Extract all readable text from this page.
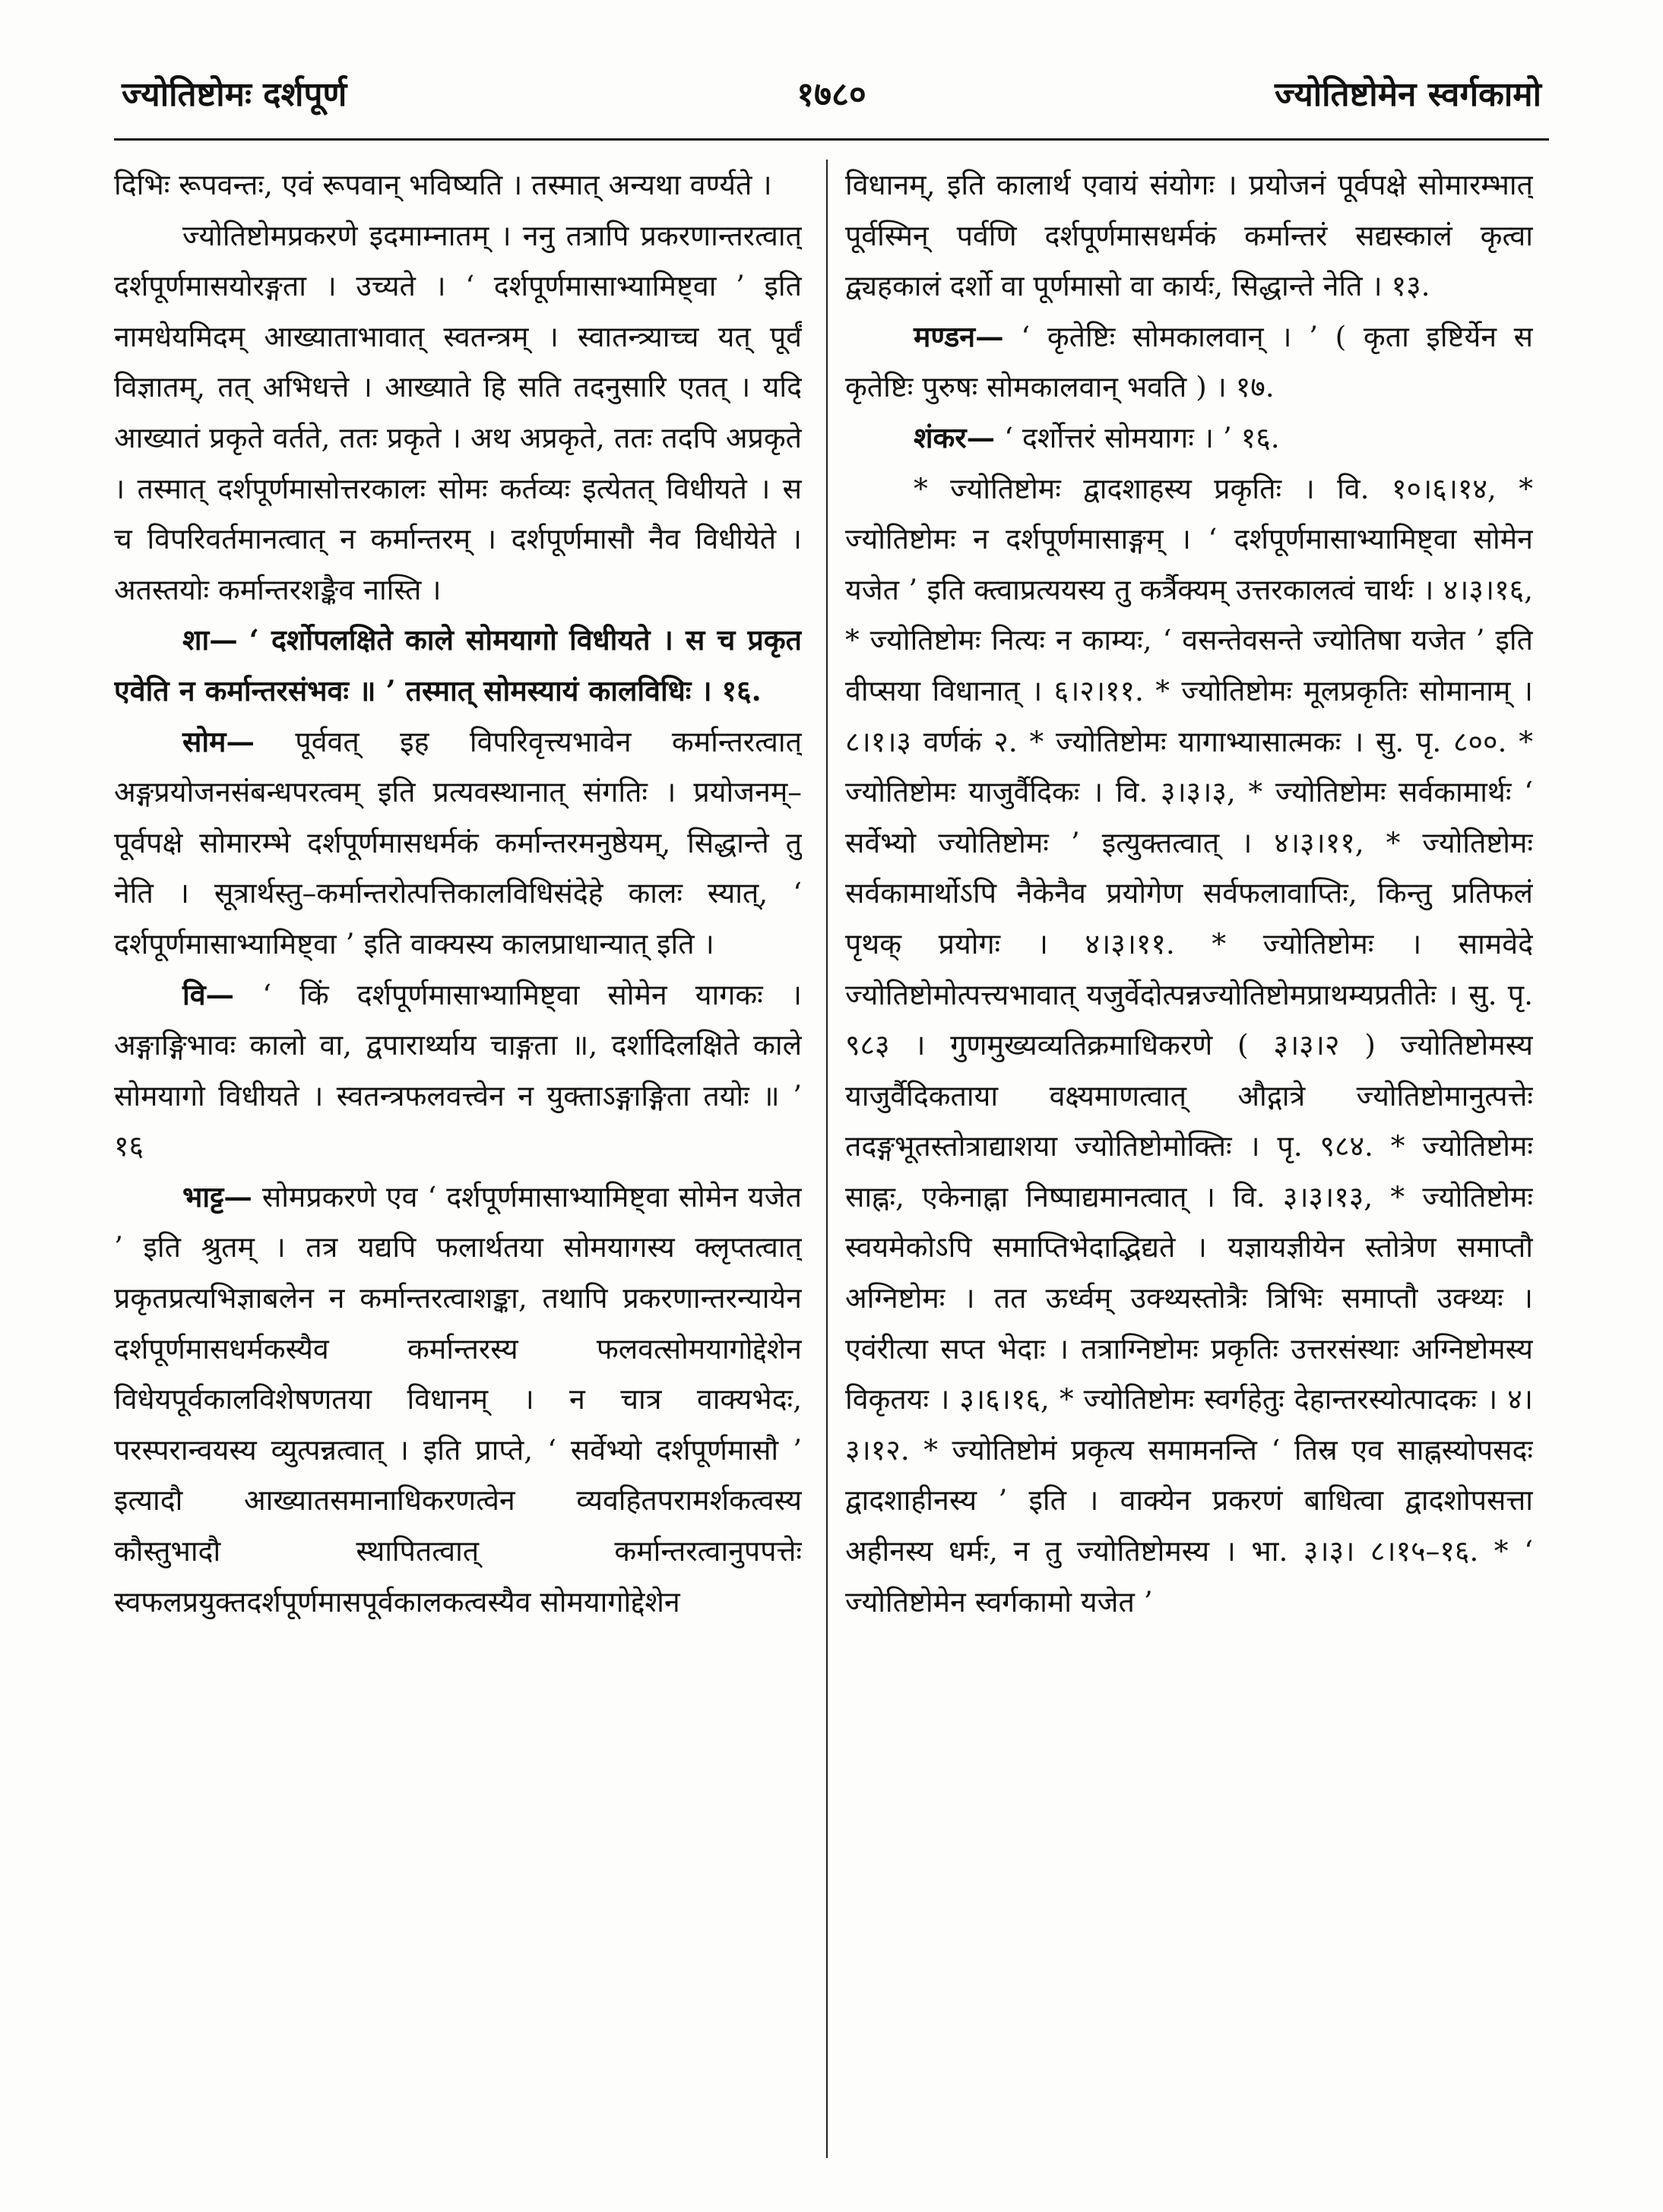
ज्योतिष्टोमः दर्शपूर्ण	१७८०	ज्योतिष्टोमेन स्वर्गकामो

दिभिः रूपवन्तः, एवं रूपवान् भविष्यति । तस्मात् अन्यथा वर्ण्यते ।

ज्योतिष्टोमप्रकरणे इदमाम्नातम् । ननु तत्रापि प्रकरणान्तरत्वात् दर्शपूर्णमासयोरङ्गता । उच्यते । ‘ दर्शपूर्णमासाभ्यामिष्ट्वा ’ इति नामधेयमिदम् आख्याताभावात् स्वतन्त्रम् । स्वातन्त्र्याच्च यत् पूर्वं विज्ञातम्, तत् अभिधत्ते । आख्याते हि सति तदनुसारि एतत् । यदि आख्यातं प्रकृते वर्तते, ततः प्रकृते । अथ अप्रकृते, ततः तदपि अप्रकृते । तस्मात् दर्शपूर्णमासोत्तरकालः सोमः कर्तव्यः इत्येतत् विधीयते । स च विपरिवर्तमानत्वात् न कर्मान्तरम् । दर्शपूर्णमासौ नैव विधीयेते । अतस्तयोः कर्मान्तरशङ्कैव नास्ति ।

शा— ‘ दर्शोपलक्षिते काले सोमयागो विधीयते । स च प्रकृत एवेति न कर्मान्तरसंभवः ॥ ’ तस्मात् सोमस्यायं कालविधिः । १६.

सोम— पूर्ववत् इह विपरिवृत्त्यभावेन कर्मान्तरत्वात् अङ्गप्रयोजनसंबन्धपरत्वम् इति प्रत्यवस्थानात् संगतिः । प्रयोजनम्– पूर्वपक्षे सोमारम्भे दर्शपूर्णमासधर्मकं कर्मान्तरमनुष्ठेयम्, सिद्धान्ते तु नेति । सूत्रार्थस्तु–कर्मान्तरोत्पत्तिकालविधिसंदेहे कालः स्यात्, ‘ दर्शपूर्णमासाभ्यामिष्ट्वा ’ इति वाक्यस्य कालप्राधान्यात् इति ।

वि— ‘ किं दर्शपूर्णमासाभ्यामिष्ट्वा सोमेन यागकः । अङ्गाङ्गिभावः कालो वा, द्वपारार्थ्याय चाङ्गता ॥, दर्शादिलक्षिते काले सोमयागो विधीयते । स्वतन्त्रफलवत्त्वेन न युक्ताऽङ्गाङ्गिता तयोः ॥ ’ १६

भाट्ट— सोमप्रकरणे एव ‘ दर्शपूर्णमासाभ्यामिष्ट्वा सोमेन यजेत ’ इति श्रुतम् । तत्र यद्यपि फलार्थतया सोमयागस्य क्लृप्तत्वात् प्रकृतप्रत्यभिज्ञाबलेन न कर्मान्तरत्वाशङ्का, तथापि प्रकरणान्तरन्यायेन दर्शपूर्णमासधर्मकस्यैव कर्मान्तरस्य फलवत्सोमयागोद्देशेन विधेयपूर्वकालविशेषणतया विधानम् । न चात्र वाक्यभेदः, परस्परान्वयस्य व्युत्पन्नत्वात् । इति प्राप्ते, ‘ सर्वेभ्यो दर्शपूर्णमासौ ’ इत्यादौ आख्यातसमानाधिकरणत्वेन व्यवहितपरामर्शकत्वस्य कौस्तुभादौ स्थापितत्वात् कर्मान्तरत्वानुपपत्तेः स्वफलप्रयुक्तदर्शपूर्णमासपूर्वकालकत्वस्यैव सोमयागोद्देशेन

विधानम्, इति कालार्थ एवायं संयोगः । प्रयोजनं पूर्वपक्षे सोमारम्भात् पूर्वस्मिन् पर्वणि दर्शपूर्णमासधर्मकं कर्मान्तरं सद्यस्कालं कृत्वा द्व्यहकालं दर्शो वा पूर्णमासो वा कार्यः, सिद्धान्ते नेति । १३.

मण्डन— ‘ कृतेष्टिः सोमकालवान् । ’ ( कृता इष्टिर्येन स कृतेष्टिः पुरुषः सोमकालवान् भवति ) । १७.

शंकर— ‘ दर्शोत्तरं सोमयागः । ’ १६.

* ज्योतिष्टोमः द्वादशाहस्य प्रकृतिः । वि. १०।६।१४, * ज्योतिष्टोमः न दर्शपूर्णमासाङ्गम् । ‘ दर्शपूर्णमासाभ्यामिष्ट्वा सोमेन यजेत ’ इति क्त्वाप्रत्ययस्य तु कर्त्रैक्यम् उत्तरकालत्वं चार्थः । ४।३।१६, * ज्योतिष्टोमः नित्यः न काम्यः, ‘ वसन्तेवसन्ते ज्योतिषा यजेत ’ इति वीप्सया विधानात् । ६।२।११. * ज्योतिष्टोमः मूलप्रकृतिः सोमानाम् । ८।१।३ वर्णकं २. * ज्योतिष्टोमः यागाभ्यासात्मकः । सु. पृ. ८००. * ज्योतिष्टोमः याजुर्वैदिकः । वि. ३।३।३, * ज्योतिष्टोमः सर्वकामार्थः ‘ सर्वेभ्यो ज्योतिष्टोमः ’ इत्युक्तत्वात् । ४।३।११, * ज्योतिष्टोमः सर्वकामार्थोऽपि नैकेनैव प्रयोगेण सर्वफलावाप्तिः, किन्तु प्रतिफलं पृथक् प्रयोगः । ४।३।११. * ज्योतिष्टोमः । सामवेदे ज्योतिष्टोमोत्पत्त्यभावात् यजुर्वेदोत्पन्नज्योतिष्टोमप्राथम्यप्रतीतेः । सु. पृ. ९८३ । गुणमुख्यव्यतिक्रमाधिकरणे ( ३।३।२ ) ज्योतिष्टोमस्य याजुर्वैदिकताया वक्ष्यमाणत्वात् औद्गात्रे ज्योतिष्टोमानुत्पत्तेः तदङ्गभूतस्तोत्राद्याशया ज्योतिष्टोमोक्तिः । पृ. ९८४. * ज्योतिष्टोमः साह्नः, एकेनाह्ना निष्पाद्यमानत्वात् । वि. ३।३।१३, * ज्योतिष्टोमः स्वयमेकोऽपि समाप्तिभेदाद्भिद्यते । यज्ञायज्ञीयेन स्तोत्रेण समाप्तौ अग्निष्टोमः । तत ऊर्ध्वम् उक्थ्यस्तोत्रैः त्रिभिः समाप्तौ उक्थ्यः । एवंरीत्या सप्त भेदाः । तत्राग्निष्टोमः प्रकृतिः उत्तरसंस्थाः अग्निष्टोमस्य विकृतयः । ३।६।१६, * ज्योतिष्टोमः स्वर्गहेतुः देहान्तरस्योत्पादकः । ४।३।१२. * ज्योतिष्टोमं प्रकृत्य समामनन्ति ‘ तिस्र एव साह्नस्योपसदः द्वादशाहीनस्य ’ इति । वाक्येन प्रकरणं बाधित्वा द्वादशोपसत्ता अहीनस्य धर्मः, न तु ज्योतिष्टोमस्य । भा. ३।३। ८।१५–१६. * ‘ ज्योतिष्टोमेन स्वर्गकामो यजेत ’
